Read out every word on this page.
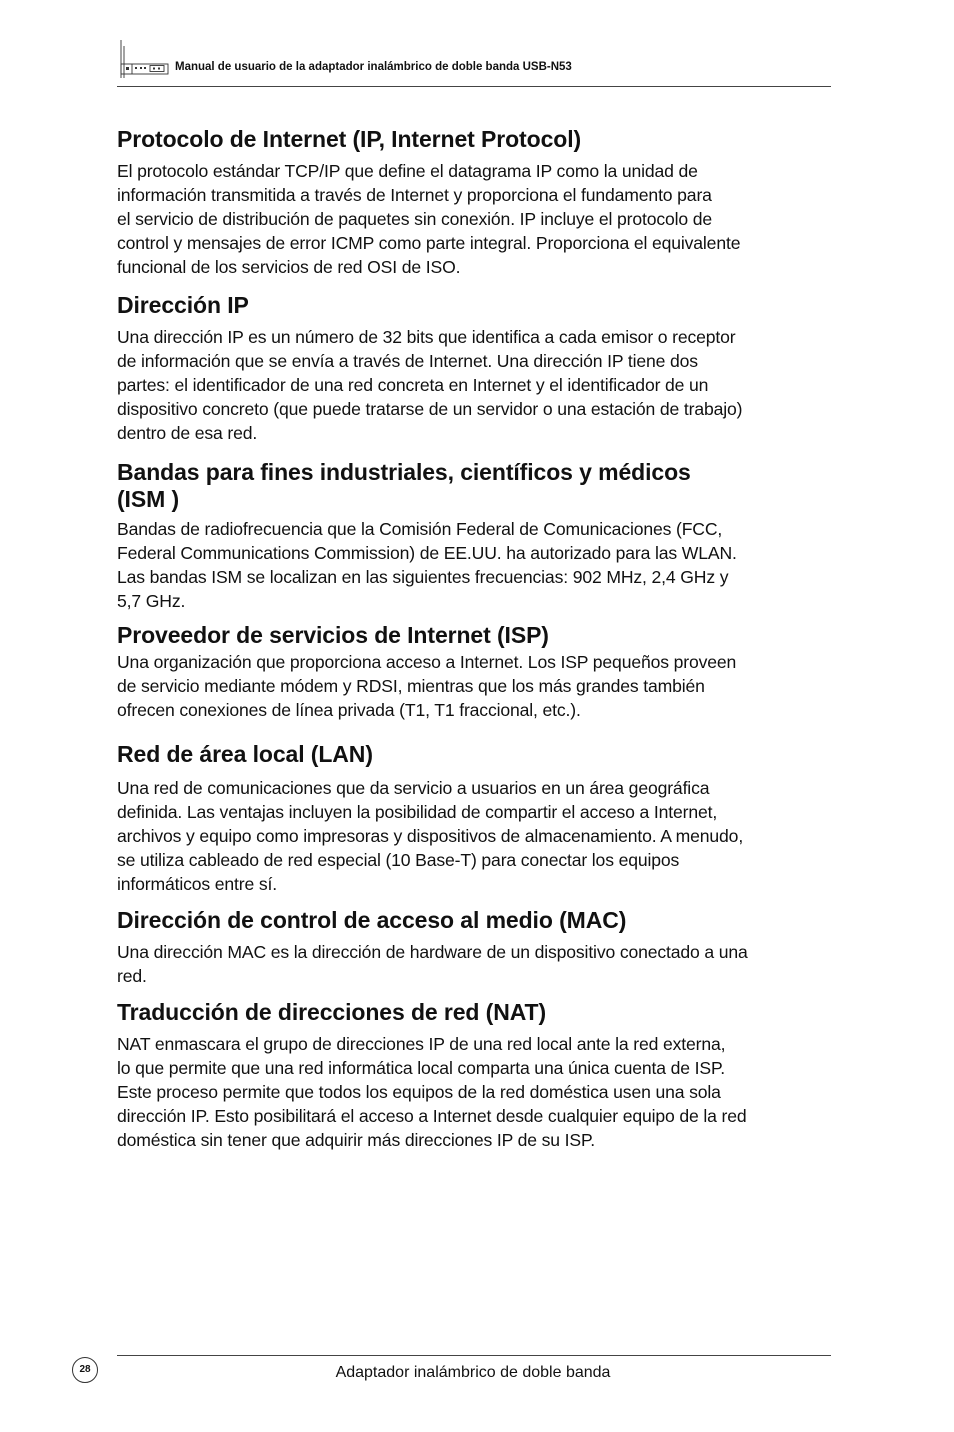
Manual de usuario de la adaptador inalámbrico de doble banda USB-N53
Protocolo de Internet (IP, Internet Protocol)

El protocolo estándar TCP/IP que define el datagrama IP como la unidad de
información transmitida a través de Internet y proporciona el fundamento para
el servicio de distribución de paquetes sin conexión. IP incluye el protocolo de
control y mensajes de error ICMP como parte integral. Proporciona el equivalente
funcional de los servicios de red OSI de ISO.

Dirección IP

Una dirección IP es un número de 32 bits que identifica a cada emisor o receptor
de información que se envía a través de Internet. Una dirección IP tiene dos
partes: el identificador de una red concreta en Internet y el identificador de un
dispositivo concreto (que puede tratarse de un servidor o una estación de trabajo)
dentro de esa red.

Bandas para fines industriales, científicos y médicos
(ISM )

Bandas de radiofrecuencia que la Comisión Federal de Comunicaciones (FCC,
Federal Communications Commission) de EE.UU. ha autorizado para las WLAN.
Las bandas ISM se localizan en las siguientes frecuencias: 902 MHz, 2,4 GHz y
5,7 GHz.

Proveedor de servicios de Internet (ISP)

Una organización que proporciona acceso a Internet. Los ISP pequeños proveen
de servicio mediante módem y RDSI, mientras que los más grandes también
ofrecen conexiones de línea privada (T1, T1 fraccional, etc.).

Red de área local (LAN)

Una red de comunicaciones que da servicio a usuarios en un área geográfica
definida. Las ventajas incluyen la posibilidad de compartir el acceso a Internet,
archivos y equipo como impresoras y dispositivos de almacenamiento. A menudo,
se utiliza cableado de red especial (10 Base-T) para conectar los equipos
informáticos entre sí.

Dirección de control de acceso al medio (MAC)

Una dirección MAC es la dirección de hardware de un dispositivo conectado a una
red.

Traducción de direcciones de red (NAT)

NAT enmascara el grupo de direcciones IP de una red local ante la red externa,
lo que permite que una red informática local comparta una única cuenta de ISP.
Este proceso permite que todos los equipos de la red doméstica usen una sola
dirección IP. Esto posibilitará el acceso a Internet desde cualquier equipo de la red
doméstica sin tener que adquirir más direcciones IP de su ISP.

28	Adaptador inalámbrico de doble banda
